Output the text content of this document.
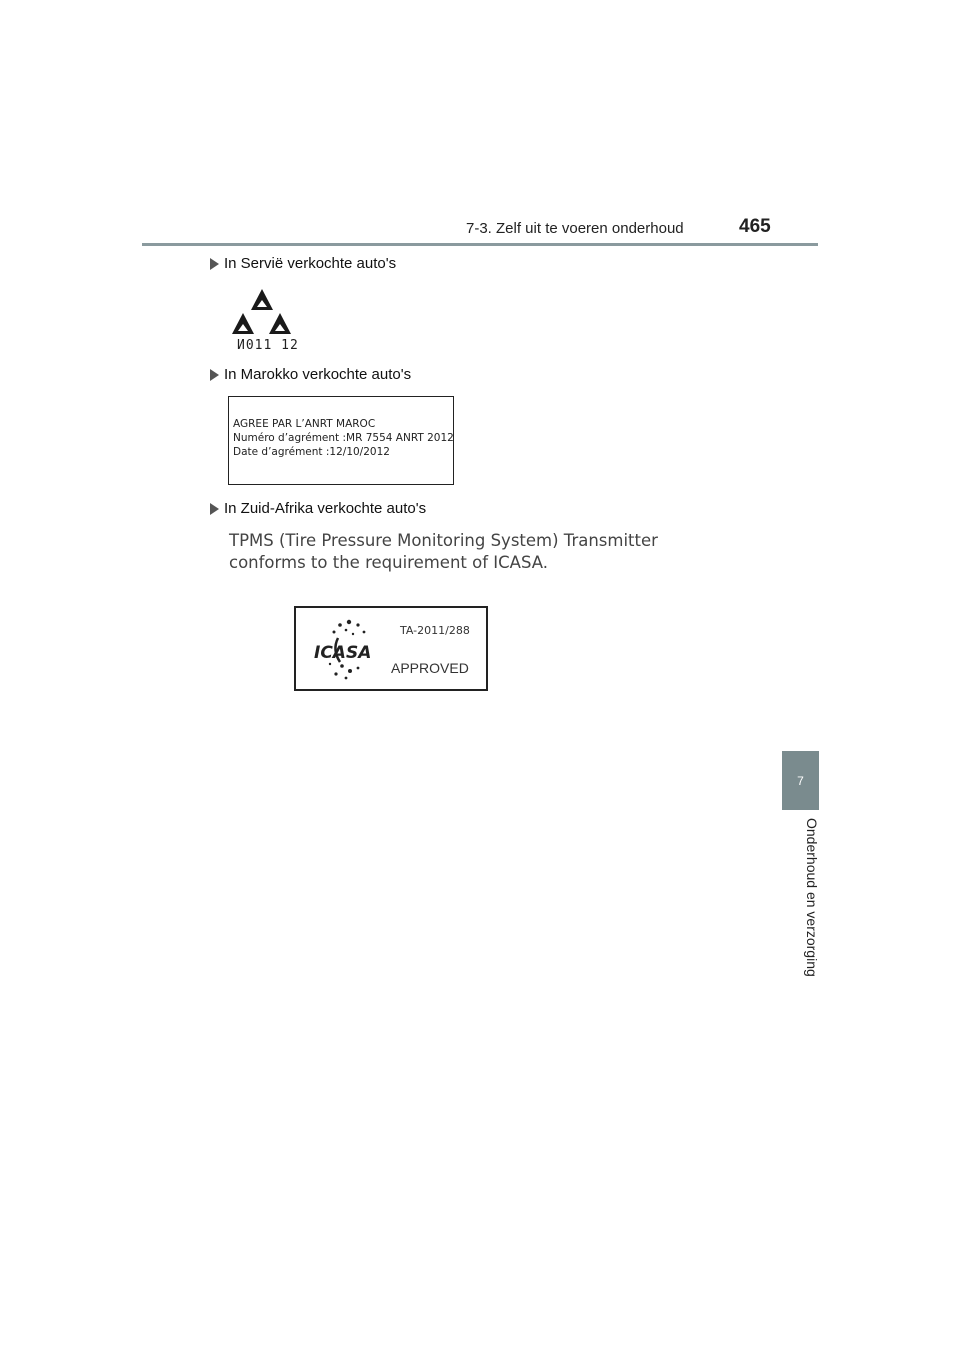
7-3. Zelf uit te voeren onderhoud	465
In Servië verkochte auto's
И011 12
In Marokko verkochte auto's
AGREE PAR L’ANRT MAROC
Numéro d’agrément :MR 7554 ANRT 2012
Date d’agrément :12/10/2012
In Zuid-Afrika verkochte auto's
TPMS (Tire Pressure Monitoring System) Transmitter
conforms to the requirement of ICASA.
ICASA
TA-2011/288
APPROVED
7
Onderhoud en verzorging
